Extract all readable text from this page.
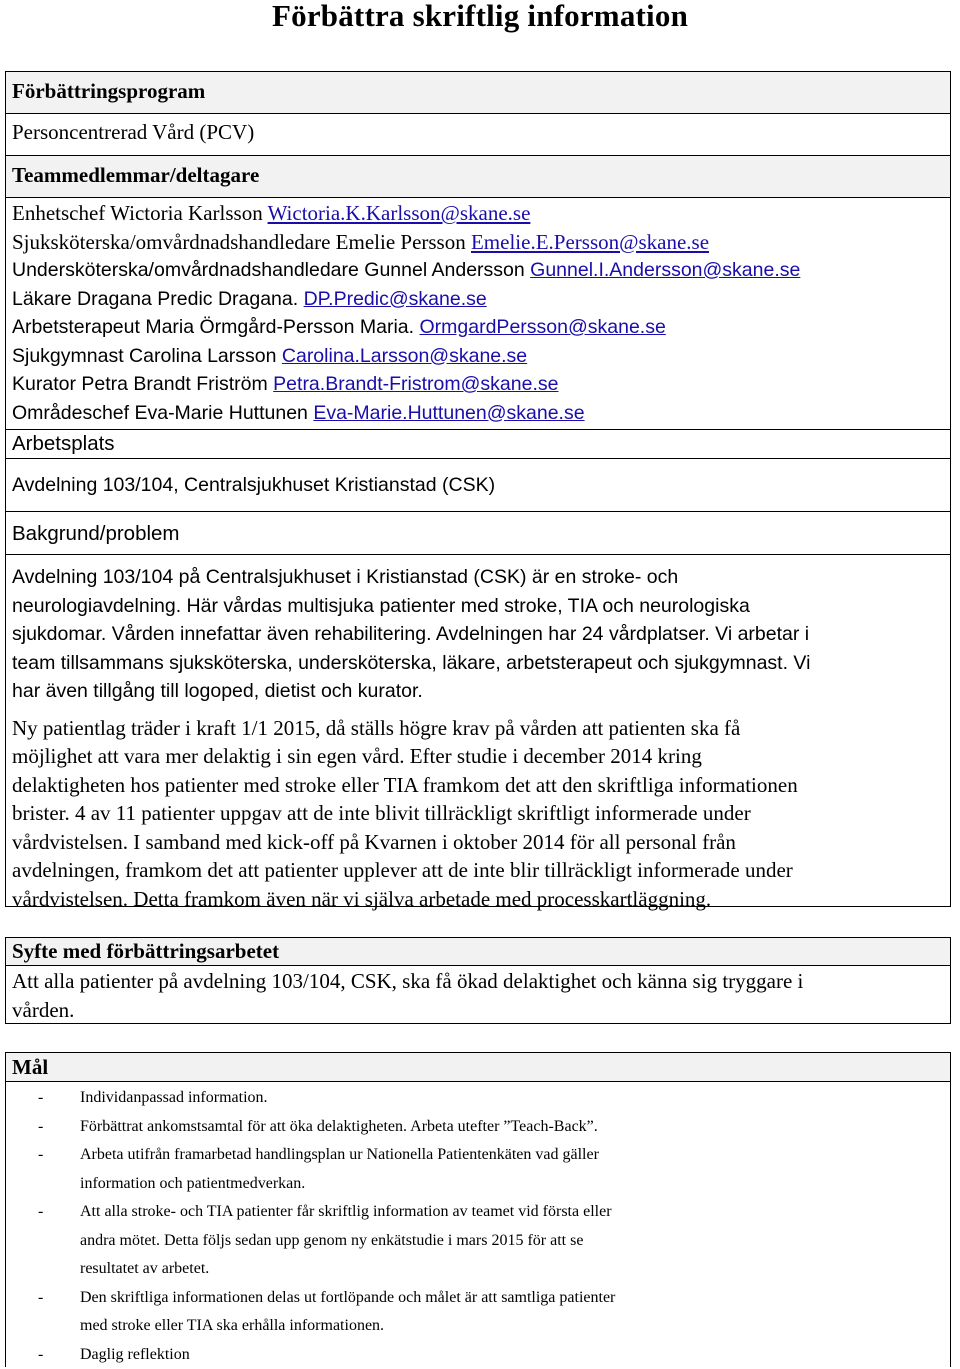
Förbättra skriftlig information
Förbättringsprogram
Personcentrerad Vård (PCV)
Teammedlemmar/deltagare
Enhetschef Wictoria Karlsson Wictoria.K.Karlsson@skane.se
Sjuksköterska/omvårdnadshandledare Emelie Persson Emelie.E.Persson@skane.se
Undersköterska/omvårdnadshandledare Gunnel Andersson Gunnel.I.Andersson@skane.se
Läkare Dragana Predic Dragana. DP.Predic@skane.se
Arbetsterapeut Maria Örmgård-Persson Maria. OrmgardPersson@skane.se
Sjukgymnast Carolina Larsson Carolina.Larsson@skane.se
Kurator Petra Brandt Friström Petra.Brandt-Fristrom@skane.se
Områdeschef Eva-Marie Huttunen Eva-Marie.Huttunen@skane.se
Arbetsplats
Avdelning 103/104, Centralsjukhuset Kristianstad (CSK)
Bakgrund/problem
Avdelning 103/104 på Centralsjukhuset i Kristianstad (CSK) är en stroke- och
neurologiavdelning. Här vårdas multisjuka patienter med stroke, TIA och neurologiska
sjukdomar. Vården innefattar även rehabilitering. Avdelningen har 24 vårdplatser. Vi arbetar i
team tillsammans sjuksköterska, undersköterska, läkare, arbetsterapeut och sjukgymnast. Vi
har även tillgång till logoped, dietist och kurator.
Ny patientlag träder i kraft 1/1 2015, då ställs högre krav på vården att patienten ska få
möjlighet att vara mer delaktig i sin egen vård. Efter studie i december 2014 kring
delaktigheten hos patienter med stroke eller TIA framkom det att den skriftliga informationen
brister. 4 av 11 patienter uppgav att de inte blivit tillräckligt skriftligt informerade under
vårdvistelsen. I samband med kick-off på Kvarnen i oktober 2014 för all personal från
avdelningen, framkom det att patienter upplever att de inte blir tillräckligt informerade under
vårdvistelsen. Detta framkom även när vi själva arbetade med processkartläggning.
Syfte med förbättringsarbetet
Att alla patienter på avdelning 103/104, CSK, ska få ökad delaktighet och känna sig tryggare i
vården.
Mål
- Individanpassad information.
- Förbättrat ankomstsamtal för att öka delaktigheten. Arbeta utefter ”Teach-Back”.
- Arbeta utifrån framarbetad handlingsplan ur Nationella Patientenkäten vad gäller
information och patientmedverkan.
- Att alla stroke- och TIA patienter får skriftlig information av teamet vid första eller
andra mötet. Detta följs sedan upp genom ny enkätstudie i mars 2015 för att se
resultatet av arbetet.
- Den skriftliga informationen delas ut fortlöpande och målet är att samtliga patienter
med stroke eller TIA ska erhålla informationen.
- Daglig reflektion
